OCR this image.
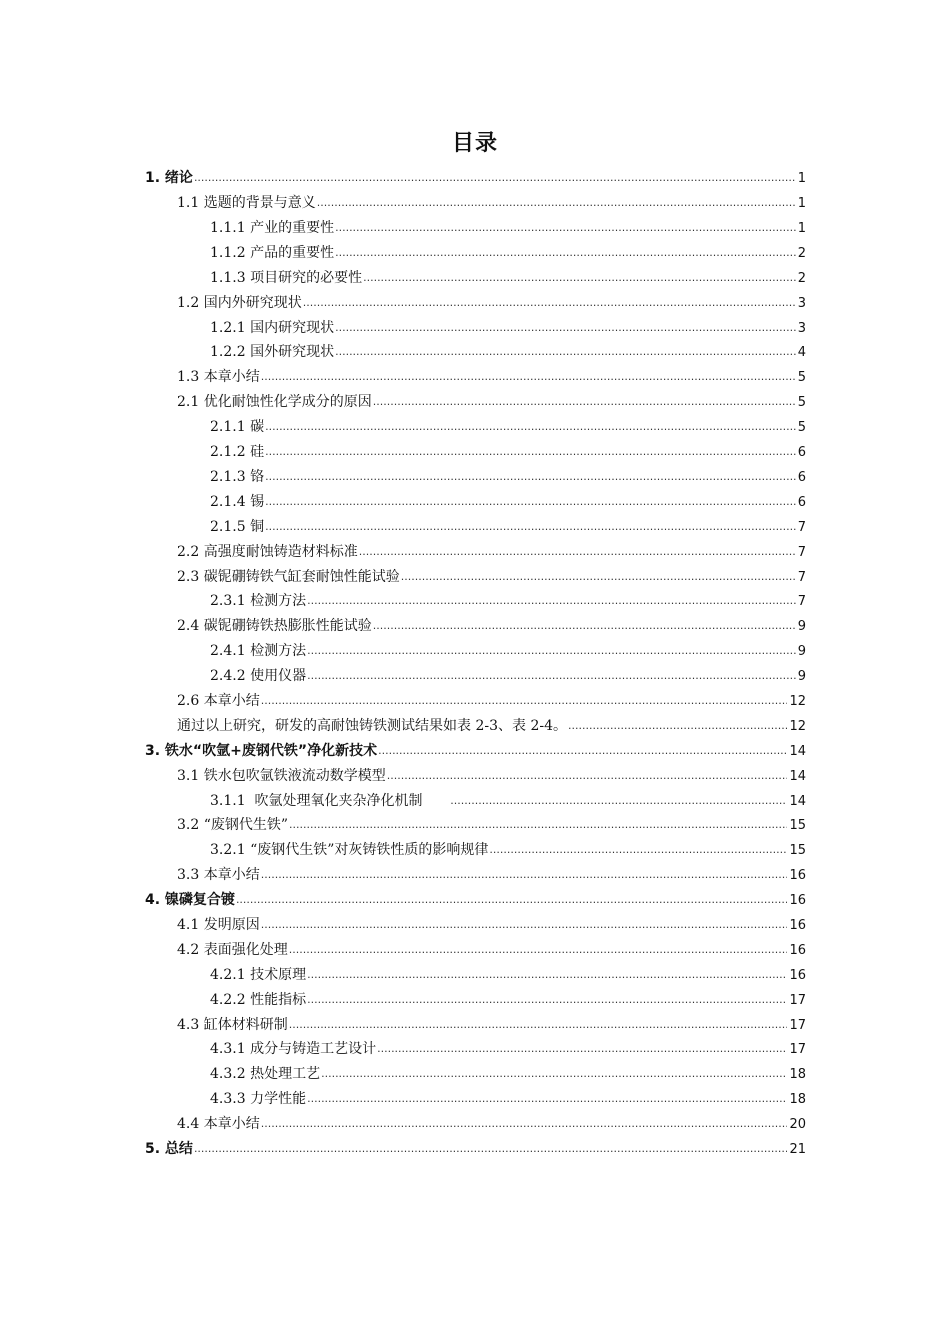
目录
1. 绪论 .....	1
1.1 选题的背景与意义 .....	1
1.1.1 产业的重要性 .....	1
1.1.2 产品的重要性 .....	2
1.1.3 项目研究的必要性 .....	2
1.2 国内外研究现状 .....	3
1.2.1 国内研究现状 .....	3
1.2.2 国外研究现状 .....	4
1.3 本章小结 .....	5
2.1 优化耐蚀性化学成分的原因 .....	5
2.1.1 碳 .....	5
2.1.2 硅 .....	6
2.1.3 铬 .....	6
2.1.4 锡 .....	6
2.1.5 铜 .....	7
2.2 高强度耐蚀铸造材料标准 .....	7
2.3 碳铌硼铸铁气缸套耐蚀性能试验 .....	7
2.3.1 检测方法 .....	7
2.4 碳铌硼铸铁热膨胀性能试验 .....	9
2.4.1 检测方法 .....	9
2.4.2 使用仪器 .....	9
2.6 本章小结 .....	12
通过以上研究，研发的高耐蚀铸铁测试结果如表 2-3、表 2-4。 .....	12
3. 铁水“吹氩+废钢代铁”净化新技术 .....	14
3.1 铁水包吹氩铁液流动数学模型 .....	14
3.1.1  吹氩处理氧化夹杂净化机制 .....	14
3.2 “废钢代生铁” .....	15
3.2.1 “废钢代生铁”对灰铸铁性质的影响规律 .....	15
3.3 本章小结 .....	16
4. 镍磷复合镀 .....	16
4.1 发明原因 .....	16
4.2 表面强化处理 .....	16
4.2.1 技术原理 .....	16
4.2.2 性能指标 .....	17
4.3 缸体材料研制 .....	17
4.3.1 成分与铸造工艺设计 .....	17
4.3.2 热处理工艺 .....	18
4.3.3 力学性能 .....	18
4.4 本章小结 .....	20
5. 总结 .....	21
